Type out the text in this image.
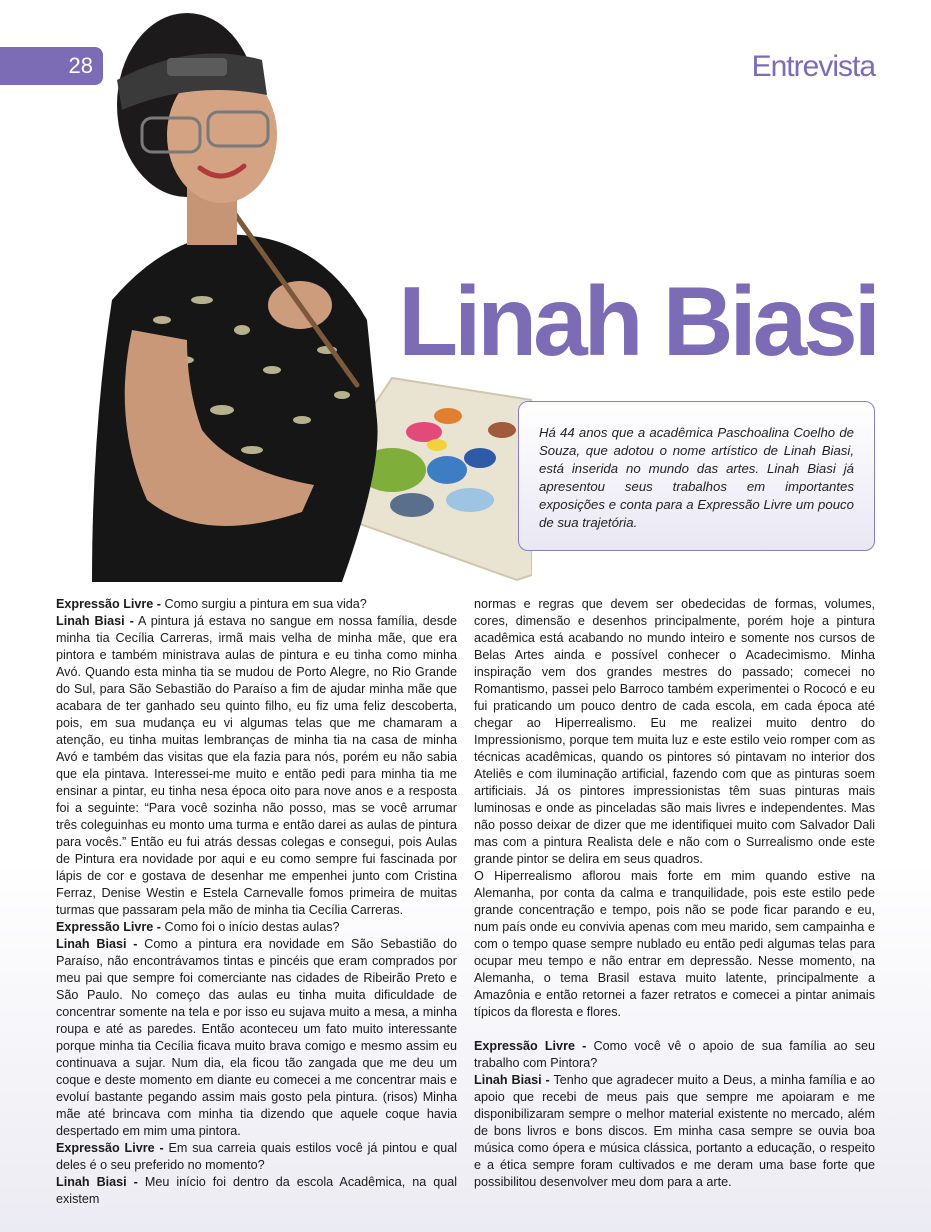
28	Entrevista
Linah Biasi
Há 44 anos que a acadêmica Paschoalina Coelho de Souza, que adotou o nome artístico de Linah Biasi, está inserida no mundo das artes. Linah Biasi já apresentou seus trabalhos em importantes exposições e conta para a Expressão Livre um pouco de sua trajetória.

Expressão Livre - Como surgiu a pintura em sua vida?

Linah Biasi - A pintura já estava no sangue em nossa família, desde minha tia Cecília Carreras, irmã mais velha de minha mãe, que era pintora e também ministrava aulas de pintura e eu tinha como minha Avó. Quando esta minha tia se mudou de Porto Alegre, no Rio Grande do Sul, para São Sebastião do Paraíso a fim de ajudar minha mãe que acabara de ter ganhado seu quinto filho, eu fiz uma feliz descoberta, pois, em sua mudança eu vi algumas telas que me chamaram a atenção, eu tinha muitas lembranças de minha tia na casa de minha Avó e também das visitas que ela fazia para nós, porém eu não sabia que ela pintava. Interessei-me muito e então pedi para minha tia me ensinar a pintar, eu tinha nesa época oito para nove anos e a resposta foi a seguinte: “Para você sozinha não posso, mas se você arrumar três coleguinhas eu monto uma turma e então darei as aulas de pintura para vocês.” Então eu fui atrás dessas colegas e consegui, pois Aulas de Pintura era novidade por aqui e eu como sempre fui fascinada por lápis de cor e gostava de desenhar me empenhei junto com Cristina Ferraz, Denise Westin e Estela Carnevalle fomos primeira de muitas turmas que passaram pela mão de minha tia Cecília Carreras.

Expressão Livre - Como foi o início destas aulas?

Linah Biasi - Como a pintura era novidade em São Sebastião do Paraíso, não encontrávamos tintas e pincéis que eram comprados por meu pai que sempre foi comerciante nas cidades de Ribeirão Preto e São Paulo. No começo das aulas eu tinha muita dificuldade de concentrar somente na tela e por isso eu sujava muito a mesa, a minha roupa e até as paredes. Então aconteceu um fato muito interessante porque minha tia Cecília ficava muito brava comigo e mesmo assim eu continuava a sujar. Num dia, ela ficou tão zangada que me deu um coque e deste momento em diante eu comecei a me concentrar mais e evoluí bastante pegando assim mais gosto pela pintura. (risos) Minha mãe até brincava com minha tia dizendo que aquele coque havia despertado em mim uma pintora.

Expressão Livre - Em sua carreia quais estilos você já pintou e qual deles é o seu preferido no momento?

Linah Biasi - Meu início foi dentro da escola Acadêmica, na qual existem

normas e regras que devem ser obedecidas de formas, volumes, cores, dimensão e desenhos principalmente, porém hoje a pintura acadêmica está acabando no mundo inteiro e somente nos cursos de Belas Artes ainda e possível conhecer o Acadecimismo. Minha inspiração vem dos grandes mestres do passado; comecei no Romantismo, passei pelo Barroco também experimentei o Rococó e eu fui praticando um pouco dentro de cada escola, em cada época até chegar ao Hiperrealismo. Eu me realizei muito dentro do Impressionismo, porque tem muita luz e este estilo veio romper com as técnicas acadêmicas, quando os pintores só pintavam no interior dos Ateliês e com iluminação artificial, fazendo com que as pinturas soem artificiais. Já os pintores impressionistas têm suas pinturas mais luminosas e onde as pinceladas são mais livres e independentes. Mas não posso deixar de dizer que me identifiquei muito com Salvador Dali mas com a pintura Realista dele e não com o Surrealismo onde este grande pintor se delira em seus quadros.

O Hiperrealismo aflorou mais forte em mim quando estive na Alemanha, por conta da calma e tranquilidade, pois este estilo pede grande concentração e tempo, pois não se pode ficar parando e eu, num país onde eu convivia apenas com meu marido, sem campainha e com o tempo quase sempre nublado eu então pedi algumas telas para ocupar meu tempo e não entrar em depressão. Nesse momento, na Alemanha, o tema Brasil estava muito latente, principalmente a Amazônia e então retornei a fazer retratos e comecei a pintar animais típicos da floresta e flores.

Expressão Livre - Como você vê o apoio de sua família ao seu trabalho com Pintora?

Linah Biasi - Tenho que agradecer muito a Deus, a minha família e ao apoio que recebi de meus pais que sempre me apoiaram e me disponibilizaram sempre o melhor material existente no mercado, além de bons livros e bons discos. Em minha casa sempre se ouvia boa música como ópera e música clássica, portanto a educação, o respeito e a ética sempre foram cultivados e me deram uma base forte que possibilitou desenvolver meu dom para a arte.
